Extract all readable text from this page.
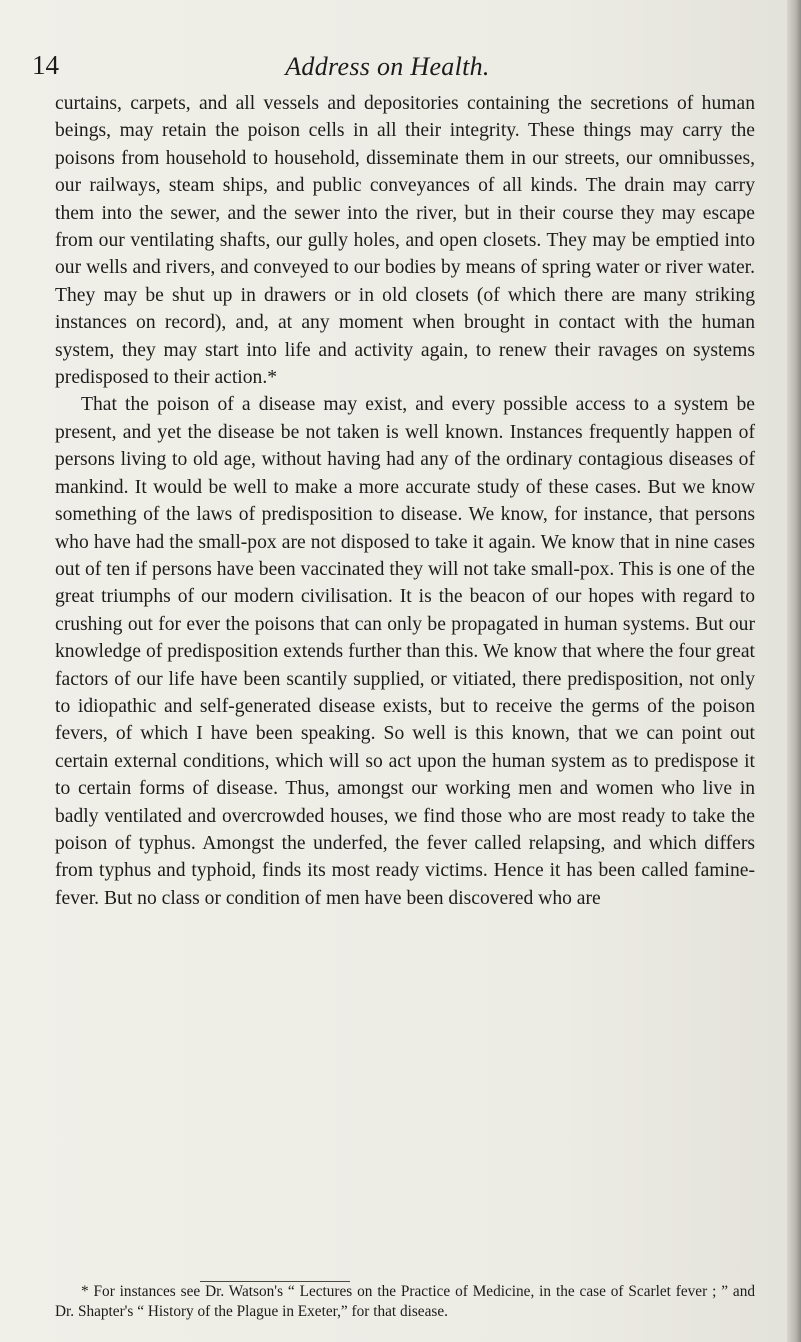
14	Address on Health.

curtains, carpets, and all vessels and depositories containing the secretions of human beings, may retain the poison cells in all their integrity. These things may carry the poisons from household to household, disseminate them in our streets, our omnibusses, our railways, steam ships, and public conveyances of all kinds. The drain may carry them into the sewer, and the sewer into the river, but in their course they may escape from our ventilating shafts, our gully holes, and open closets. They may be emptied into our wells and rivers, and conveyed to our bodies by means of spring water or river water. They may be shut up in drawers or in old closets (of which there are many striking instances on record), and, at any moment when brought in contact with the human system, they may start into life and activity again, to renew their ravages on systems predisposed to their action.*

That the poison of a disease may exist, and every possible access to a system be present, and yet the disease be not taken is well known. Instances frequently happen of persons living to old age, without having had any of the ordinary contagious diseases of mankind. It would be well to make a more accurate study of these cases. But we know something of the laws of predisposition to disease. We know, for instance, that persons who have had the small-pox are not disposed to take it again. We know that in nine cases out of ten if persons have been vaccinated they will not take small-pox. This is one of the great triumphs of our modern civilisation. It is the beacon of our hopes with regard to crushing out for ever the poisons that can only be propagated in human systems. But our knowledge of predisposition extends further than this. We know that where the four great factors of our life have been scantily supplied, or vitiated, there predisposition, not only to idiopathic and self-generated disease exists, but to receive the germs of the poison fevers, of which I have been speaking. So well is this known, that we can point out certain external conditions, which will so act upon the human system as to predispose it to certain forms of disease. Thus, amongst our working men and women who live in badly ventilated and overcrowded houses, we find those who are most ready to take the poison of typhus. Amongst the underfed, the fever called relapsing, and which differs from typhus and typhoid, finds its most ready victims. Hence it has been called famine-fever. But no class or condition of men have been discovered who are

* For instances see Dr. Watson's “ Lectures on the Practice of Medicine, in the case of Scarlet fever ; ” and Dr. Shapter's “ History of the Plague in Exeter,” for that disease.
